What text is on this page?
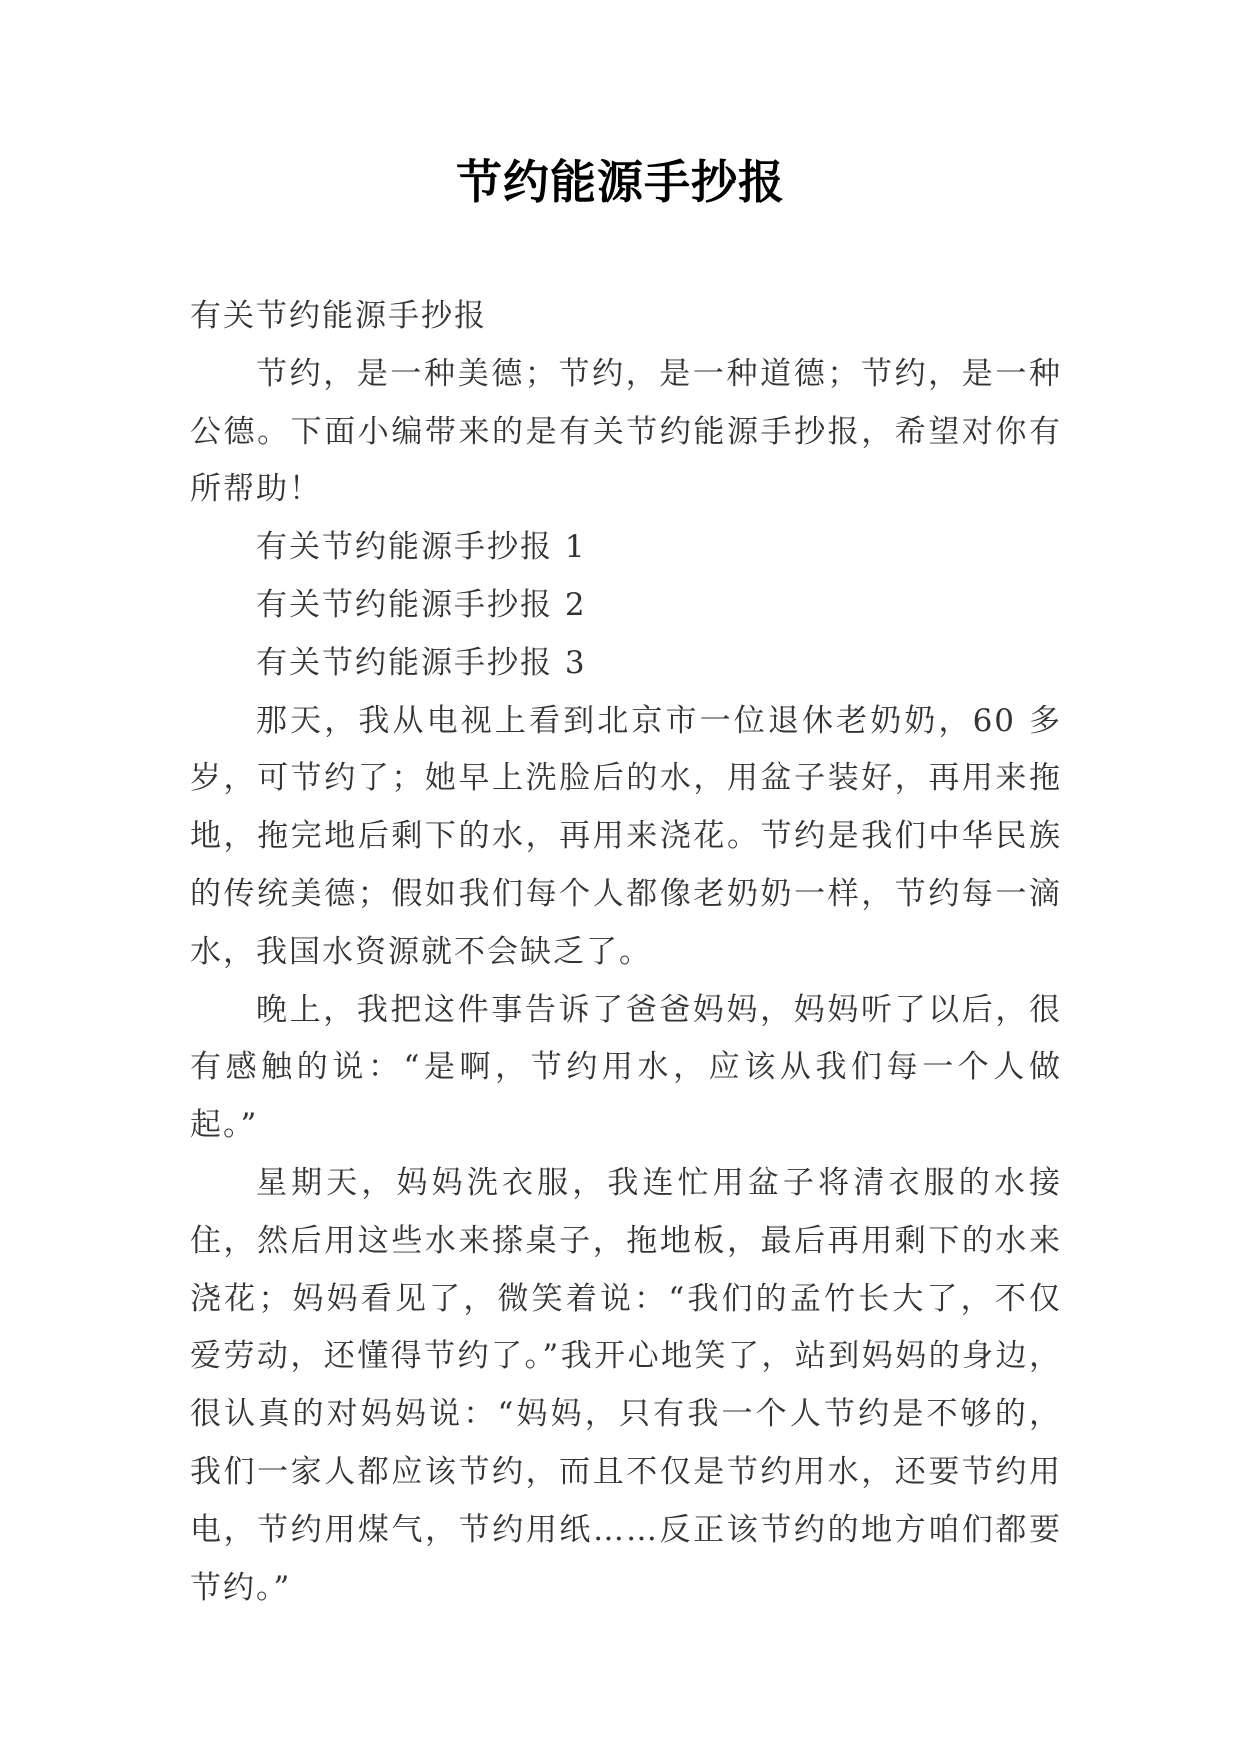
节约能源手抄报

有关节约能源手抄报

节约，是一种美德；节约，是一种道德；节约，是一种公德。下面小编带来的是有关节约能源手抄报，希望对你有所帮助！

有关节约能源手抄报 1

有关节约能源手抄报 2

有关节约能源手抄报 3

那天，我从电视上看到北京市一位退休老奶奶，60 多岁，可节约了；她早上洗脸后的水，用盆子装好，再用来拖地，拖完地后剩下的水，再用来浇花。节约是我们中华民族的传统美德；假如我们每个人都像老奶奶一样，节约每一滴水，我国水资源就不会缺乏了。

晚上，我把这件事告诉了爸爸妈妈，妈妈听了以后，很有感触的说：“是啊，节约用水，应该从我们每一个人做起。”

星期天，妈妈洗衣服，我连忙用盆子将清衣服的水接住，然后用这些水来搽桌子，拖地板，最后再用剩下的水来浇花；妈妈看见了，微笑着说：“我们的孟竹长大了，不仅爱劳动，还懂得节约了。”我开心地笑了，站到妈妈的身边，很认真的对妈妈说：“妈妈，只有我一个人节约是不够的，我们一家人都应该节约，而且不仅是节约用水，还要节约用电，节约用煤气，节约用纸……反正该节约的地方咱们都要节约。”
